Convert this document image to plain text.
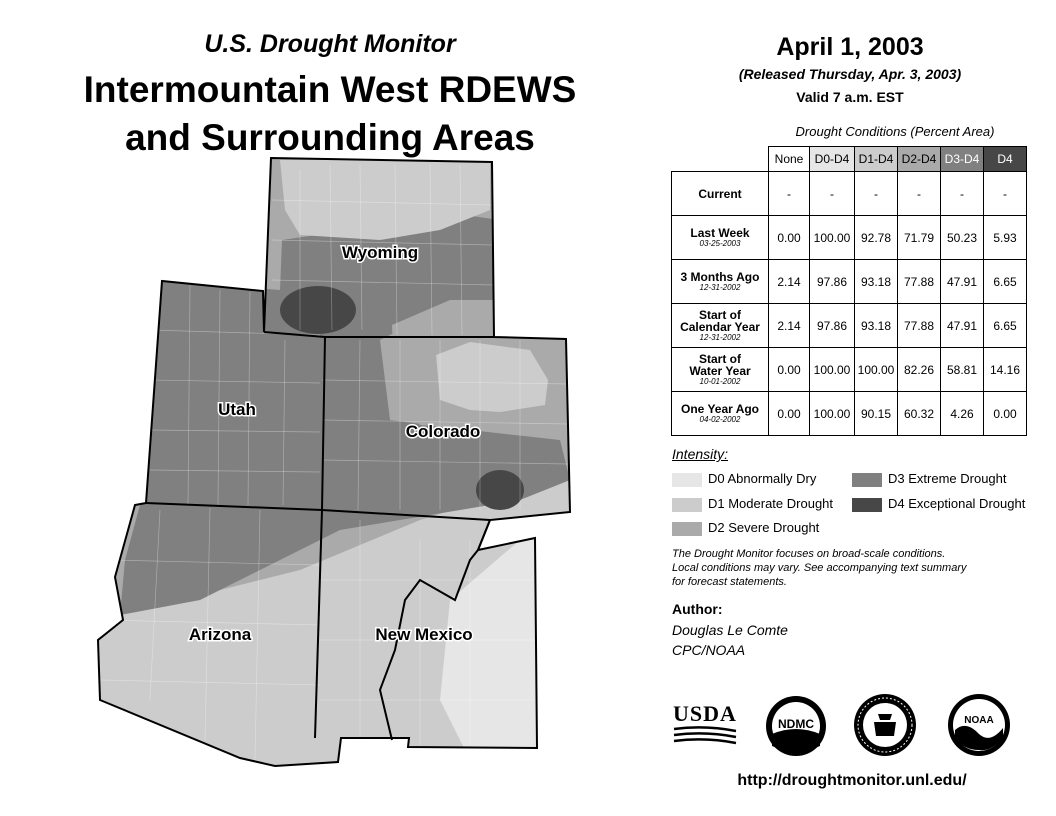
U.S. Drought Monitor
Intermountain West RDEWS
and Surrounding Areas
Wyoming
Utah
Colorado
Arizona	New Mexico
April 1, 2003
(Released Thursday, Apr. 3, 2003)
Valid 7 a.m. EST
Drought Conditions (Percent Area)
	None	D0-D4	D1-D4	D2-D4	D3-D4	D4
Current	-	-	-	-	-	-
Last Week
03-25-2003	0.00	100.00	92.78	71.79	50.23	5.93
3 Months Ago
12-31-2002	2.14	97.86	93.18	77.88	47.91	6.65

Start of
Calendar Year
12-31-2002	2.14	97.86	93.18	77.88	47.91	6.65

Start of
Water Year
10-01-2002	0.00	100.00	100.00	82.26	58.81	14.16
One Year Ago
04-02-2002	0.00	100.00	90.15	60.32	4.26	0.00
Intensity:
D0 Abnormally Dry
D1 Moderate Drought
D2 Severe Drought
D3 Extreme Drought
D4 Exceptional Drought
The Drought Monitor focuses on broad-scale conditions.
Local conditions may vary. See accompanying text summary
for forecast statements.
Author:
Douglas Le Comte
CPC/NOAA
USDA	NDMC	NOAA
http://droughtmonitor.unl.edu/
